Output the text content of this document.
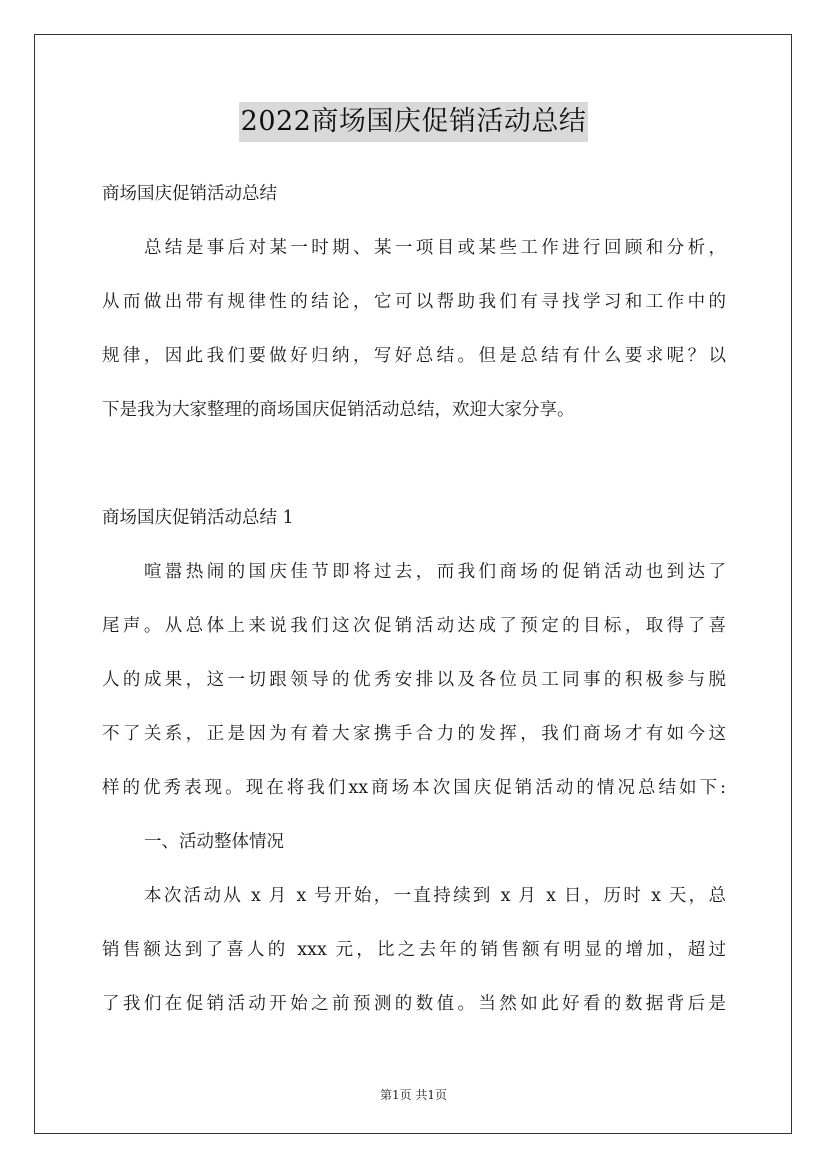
2022商场国庆促销活动总结
商场国庆促销活动总结
总结是事后对某一时期、某一项目或某些工作进行回顾和分析，
从而做出带有规律性的结论，它可以帮助我们有寻找学习和工作中的
规律，因此我们要做好归纳，写好总结。但是总结有什么要求呢？以
下是我为大家整理的商场国庆促销活动总结，欢迎大家分享。
商场国庆促销活动总结 1
喧嚣热闹的国庆佳节即将过去，而我们商场的促销活动也到达了
尾声。从总体上来说我们这次促销活动达成了预定的目标，取得了喜
人的成果，这一切跟领导的优秀安排以及各位员工同事的积极参与脱
不了关系，正是因为有着大家携手合力的发挥，我们商场才有如今这
样的优秀表现。现在将我们xx商场本次国庆促销活动的情况总结如下:
一、活动整体情况
本次活动从 x 月 x 号开始，一直持续到 x 月 x 日，历时 x 天，总
销售额达到了喜人的 xxx 元，比之去年的销售额有明显的增加，超过
了我们在促销活动开始之前预测的数值。当然如此好看的数据背后是
第1页 共1页
